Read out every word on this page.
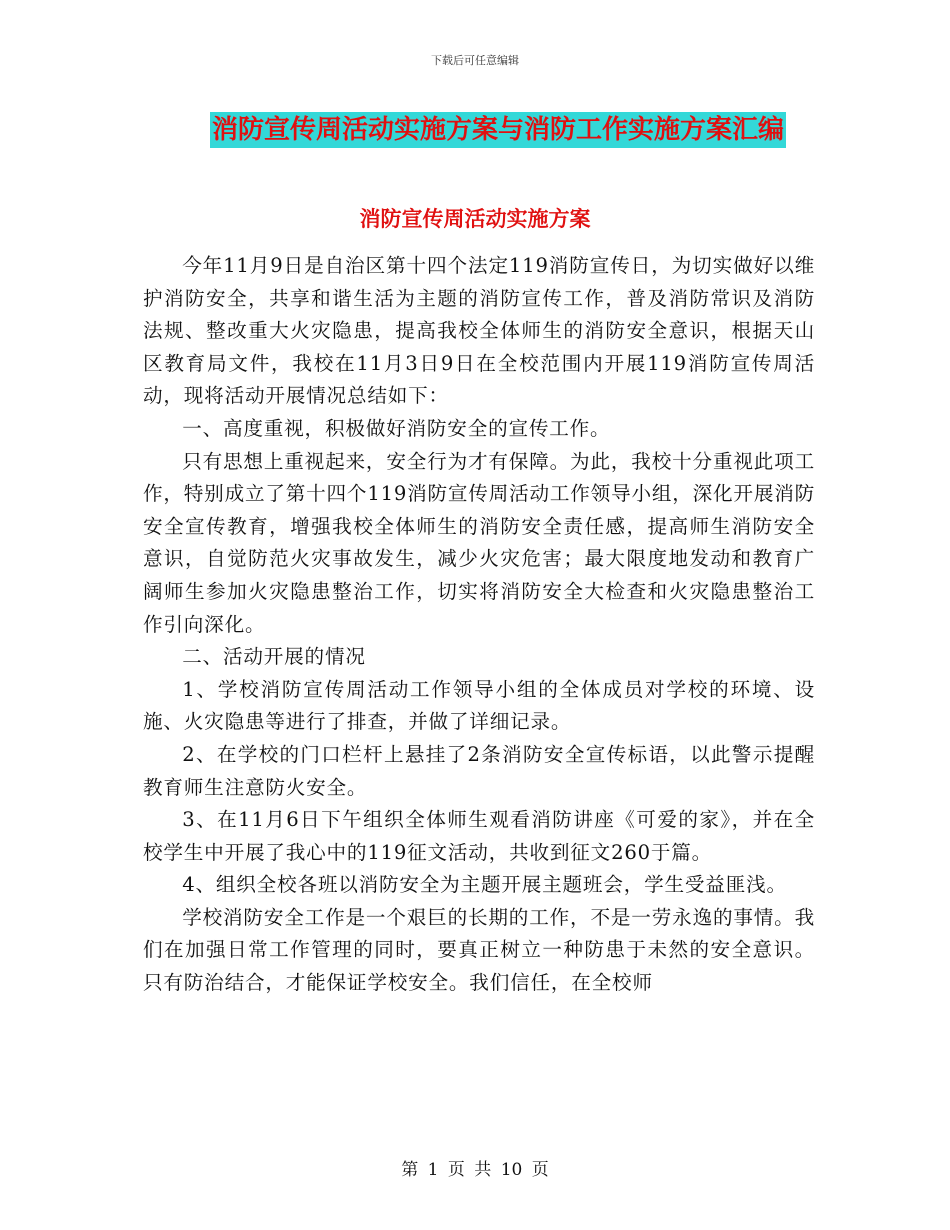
下载后可任意编辑
消防宣传周活动实施方案与消防工作实施方案汇编
消防宣传周活动实施方案

今年11月9日是自治区第十四个法定119消防宣传日，为切实做好以维护消防安全，共享和谐生活为主题的消防宣传工作，普及消防常识及消防法规、整改重大火灾隐患，提高我校全体师生的消防安全意识，根据天山区教育局文件，我校在11月3日9日在全校范围内开展119消防宣传周活动，现将活动开展情况总结如下：

一、高度重视，积极做好消防安全的宣传工作。

只有思想上重视起来，安全行为才有保障。为此，我校十分重视此项工作，特别成立了第十四个119消防宣传周活动工作领导小组，深化开展消防安全宣传教育，增强我校全体师生的消防安全责任感，提高师生消防安全意识，自觉防范火灾事故发生，减少火灾危害；最大限度地发动和教育广阔师生参加火灾隐患整治工作，切实将消防安全大检查和火灾隐患整治工作引向深化。

二、活动开展的情况

1、学校消防宣传周活动工作领导小组的全体成员对学校的环境、设施、火灾隐患等进行了排查，并做了详细记录。

2、在学校的门口栏杆上悬挂了2条消防安全宣传标语，以此警示提醒教育师生注意防火安全。

3、在11月6日下午组织全体师生观看消防讲座《可爱的家》，并在全校学生中开展了我心中的119征文活动，共收到征文260于篇。

4、组织全校各班以消防安全为主题开展主题班会，学生受益匪浅。

学校消防安全工作是一个艰巨的长期的工作，不是一劳永逸的事情。我们在加强日常工作管理的同时，要真正树立一种防患于未然的安全意识。只有防治结合，才能保证学校安全。我们信任，在全校师

第 1 页 共 10 页
